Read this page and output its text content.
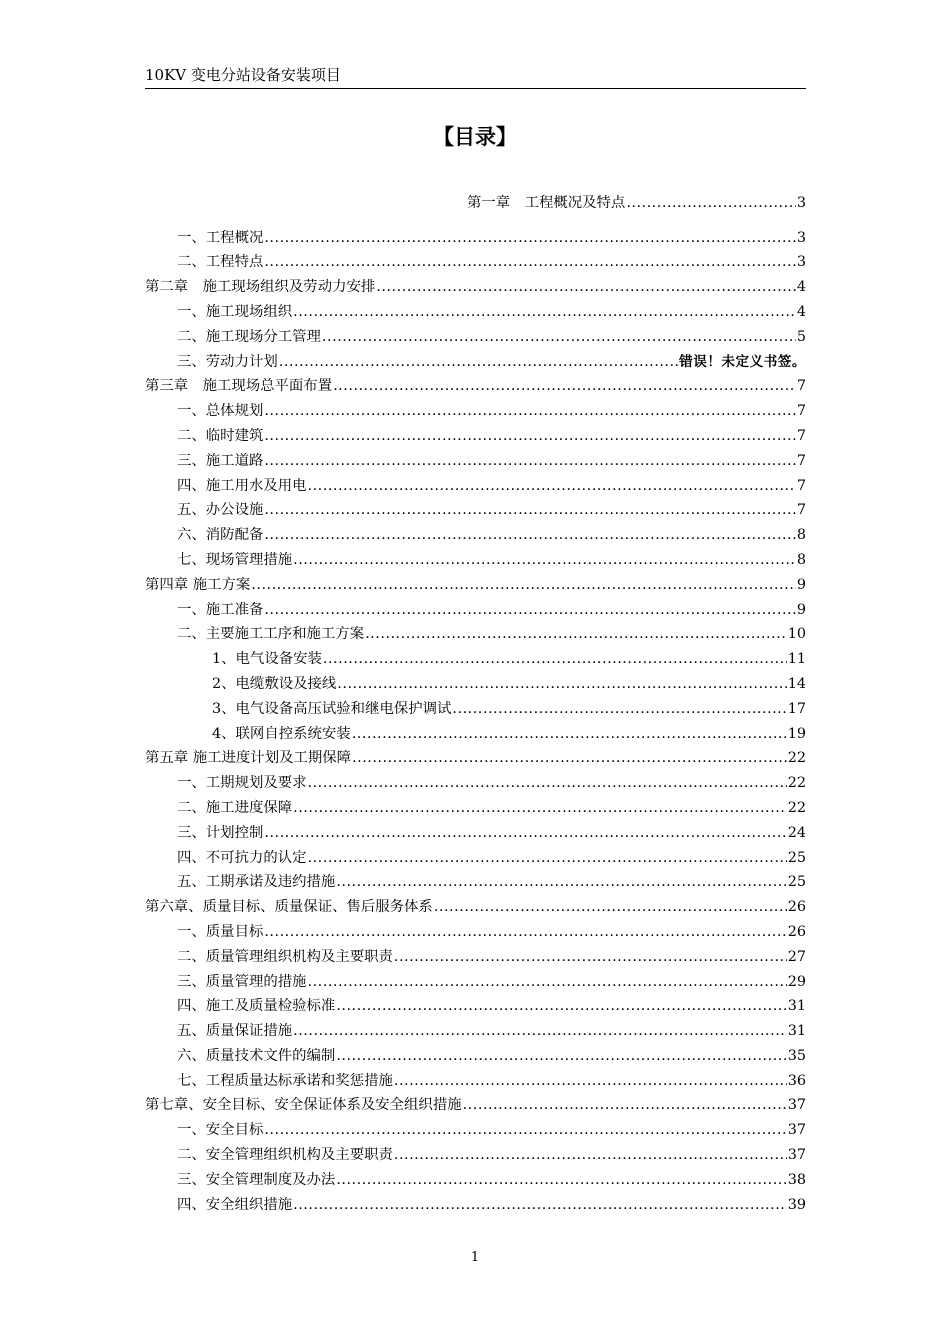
10KV 变电分站设备安装项目
【目录】
第一章　工程概况及特点 .....	3
一、工程概况 .....	3
二、工程特点 .....	3
第二章　施工现场组织及劳动力安排 .....	4
一、施工现场组织 .....	4
二、施工现场分工管理 .....	5
三、劳动力计划 .....	错误！未定义书签。
第三章　施工现场总平面布置 .....	7
一、总体规划 .....	7
二、临时建筑 .....	7
三、施工道路 .....	7
四、施工用水及用电 .....	7
五、办公设施 .....	7
六、消防配备 .....	8
七、现场管理措施 .....	8
第四章 施工方案 .....	9
一、施工准备 .....	9
二、主要施工工序和施工方案 .....	10
1、电气设备安装 .....	11
2、电缆敷设及接线 .....	14
3、电气设备高压试验和继电保护调试 .....	17
4、联网自控系统安装 .....	19
第五章 施工进度计划及工期保障 .....	22
一、工期规划及要求 .....	22
二、施工进度保障 .....	22
三、计划控制 .....	24
四、不可抗力的认定 .....	25
五、工期承诺及违约措施 .....	25
第六章、质量目标、质量保证、售后服务体系 .....	26
一、质量目标 .....	26
二、质量管理组织机构及主要职责 .....	27
三、质量管理的措施 .....	29
四、施工及质量检验标准 .....	31
五、质量保证措施 .....	31
六、质量技术文件的编制 .....	35
七、工程质量达标承诺和奖惩措施 .....	36
第七章、安全目标、安全保证体系及安全组织措施 .....	37
一、安全目标 .....	37
二、安全管理组织机构及主要职责 .....	37
三、安全管理制度及办法 .....	38
四、安全组织措施 .....	39
1
